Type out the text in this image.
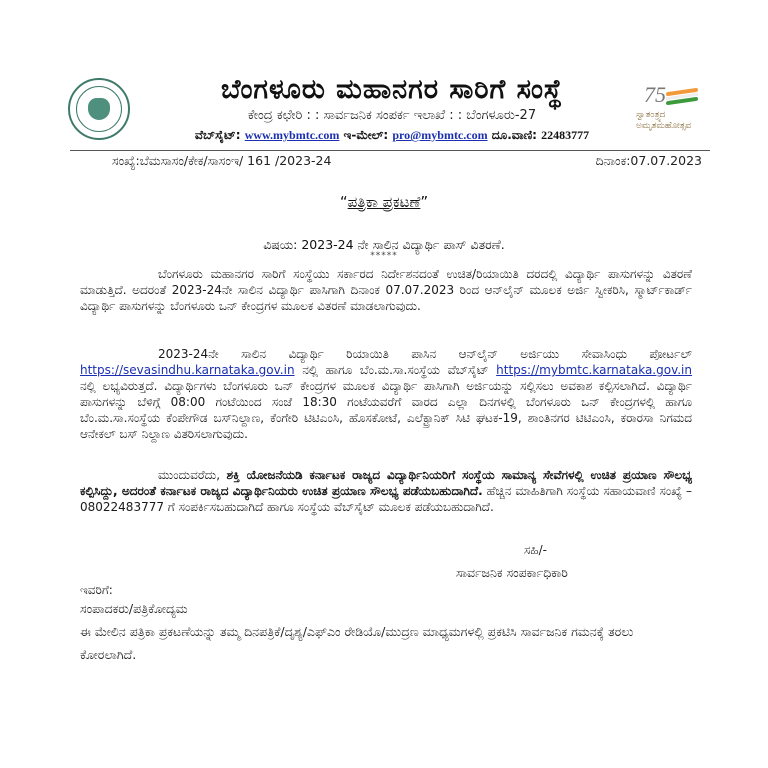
ಬೆಂಗಳೂರು ಮಹಾನಗರ ಸಾರಿಗೆ ಸಂಸ್ಥೆ
ಕೇಂದ್ರ ಕಛೇರಿ : : ಸಾರ್ವಜನಿಕ ಸಂಪರ್ಕ ಇಲಾಖೆ : : ಬೆಂಗಳೂರು-27
ವೆಬ್‌ಸೈಟ್: www.mybmtc.com ಇ-ಮೇಲ್: pro@mybmtc.com ದೂ.ವಾಣಿ: 22483777
75
ಸ್ವಾತಂತ್ರ್ಯದ ಅಮೃತಮಹೋತ್ಸವ
ಸಂಖ್ಯೆ:ಬೆಮಸಾಸಂ/ಕೇಕ/ಸಾಸಂಇ/ 161 /2023-24	ದಿನಾಂಕ:07.07.2023
“ಪತ್ರಿಕಾ ಪ್ರಕಟಣೆ”
ವಿಷಯ: 2023-24 ನೇ ಸಾಲಿನ ವಿದ್ಯಾರ್ಥಿ ಪಾಸ್ ವಿತರಣೆ.
*****
ಬೆಂಗಳೂರು ಮಹಾನಗರ ಸಾರಿಗೆ ಸಂಸ್ಥೆಯು ಸರ್ಕಾರದ ನಿರ್ದೇಶನದಂತೆ ಉಚಿತ/ರಿಯಾಯಿತಿ ದರದಲ್ಲಿ ವಿದ್ಯಾರ್ಥಿ ಪಾಸುಗಳನ್ನು ವಿತರಣೆ ಮಾಡುತ್ತಿದೆ. ಅದರಂತೆ 2023-24ನೇ ಸಾಲಿನ ವಿದ್ಯಾರ್ಥಿ ಪಾಸಿಗಾಗಿ ದಿನಾಂಕ 07.07.2023 ರಿಂದ ಆನ್‌ಲೈನ್ ಮೂಲಕ ಅರ್ಜಿ ಸ್ವೀಕರಿಸಿ, ಸ್ಮಾರ್ಟ್‌ಕಾರ್ಡ್ ವಿದ್ಯಾರ್ಥಿ ಪಾಸುಗಳನ್ನು ಬೆಂಗಳೂರು ಒನ್ ಕೇಂದ್ರಗಳ ಮೂಲಕ ವಿತರಣೆ ಮಾಡಲಾಗುವುದು.
2023-24ನೇ ಸಾಲಿನ ವಿದ್ಯಾರ್ಥಿ ರಿಯಾಯಿತಿ ಪಾಸಿನ ಆನ್‌ಲೈನ್ ಅರ್ಜಿಯು ಸೇವಾಸಿಂಧು ಪೋರ್ಟಲ್ https://sevasindhu.karnataka.gov.in ನಲ್ಲಿ ಹಾಗೂ ಬೆಂ.ಮ.ಸಾ.ಸಂಸ್ಥೆಯ ವೆಬ್‌ಸೈಟ್ https://mybmtc.karnataka.gov.in ನಲ್ಲಿ ಲಭ್ಯವಿರುತ್ತದೆ. ವಿದ್ಯಾರ್ಥಿಗಳು ಬೆಂಗಳೂರು ಒನ್ ಕೇಂದ್ರಗಳ ಮೂಲಕ ವಿದ್ಯಾರ್ಥಿ ಪಾಸಿಗಾಗಿ ಅರ್ಜಿಯನ್ನು ಸಲ್ಲಿಸಲು ಅವಕಾಶ ಕಲ್ಪಿಸಲಾಗಿದೆ. ವಿದ್ಯಾರ್ಥಿ ಪಾಸುಗಳನ್ನು ಬೆಳಿಗ್ಗೆ 08:00 ಗಂಟೆಯಿಂದ ಸಂಜೆ 18:30 ಗಂಟೆಯವರೆಗೆ ವಾರದ ಎಲ್ಲಾ ದಿನಗಳಲ್ಲಿ ಬೆಂಗಳೂರು ಒನ್ ಕೇಂದ್ರಗಳಲ್ಲಿ ಹಾಗೂ ಬೆಂ.ಮ.ಸಾ.ಸಂಸ್ಥೆಯ ಕೆಂಪೇಗೌಡ ಬಸ್‌ನಿಲ್ದಾಣ, ಕೆಂಗೇರಿ ಟಿಟಿಎಂಸಿ, ಹೊಸಕೋಟೆ, ಎಲೆಕ್ಟ್ರಾನಿಕ್ ಸಿಟಿ ಘಟಕ-19, ಶಾಂತಿನಗರ ಟಿಟಿಎಂಸಿ, ಕರಾರಸಾ ನಿಗಮದ ಆನೇಕಲ್ ಬಸ್ ನಿಲ್ದಾಣ ವಿತರಿಸಲಾಗುವುದು.
ಮುಂದುವರೆದು, ಶಕ್ತಿ ಯೋಜನೆಯಡಿ ಕರ್ನಾಟಕ ರಾಜ್ಯದ ವಿದ್ಯಾರ್ಥಿನಿಯರಿಗೆ ಸಂಸ್ಥೆಯ ಸಾಮಾನ್ಯ ಸೇವೆಗಳಲ್ಲಿ ಉಚಿತ ಪ್ರಯಾಣ ಸೌಲಭ್ಯ ಕಲ್ಪಿಸಿದ್ದು, ಅದರಂತೆ ಕರ್ನಾಟಕ ರಾಜ್ಯದ ವಿದ್ಯಾರ್ಥಿನಿಯರು ಉಚಿತ ಪ್ರಯಾಣ ಸೌಲಭ್ಯ ಪಡೆಯಬಹುದಾಗಿದೆ. ಹೆಚ್ಚಿನ ಮಾಹಿತಿಗಾಗಿ ಸಂಸ್ಥೆಯ ಸಹಾಯವಾಣಿ ಸಂಖ್ಯೆ – 08022483777 ಗೆ ಸಂಪರ್ಕಿಸಬಹುದಾಗಿದೆ ಹಾಗೂ ಸಂಸ್ಥೆಯ ವೆಬ್‌ಸೈಟ್ ಮೂಲಕ ಪಡೆಯಬಹುದಾಗಿದೆ.
ಸಹಿ/-
ಸಾರ್ವಜನಿಕ ಸಂಪರ್ಕಾಧಿಕಾರಿ
ಇವರಿಗೆ:
ಸಂಪಾದಕರು/ಪತ್ರಿಕೋದ್ಯಮ
ಈ ಮೇಲಿನ ಪತ್ರಿಕಾ ಪ್ರಕಟಣೆಯನ್ನು ತಮ್ಮ ದಿನಪತ್ರಿಕೆ/ದೃಶ್ಯ/ಎಫ್‌ಎಂ ರೇಡಿಯೊ/ಮುದ್ರಣ ಮಾಧ್ಯಮಗಳಲ್ಲಿ ಪ್ರಕಟಿಸಿ ಸಾರ್ವಜನಿಕ ಗಮನಕ್ಕೆ ತರಲು ಕೋರಲಾಗಿದೆ.
